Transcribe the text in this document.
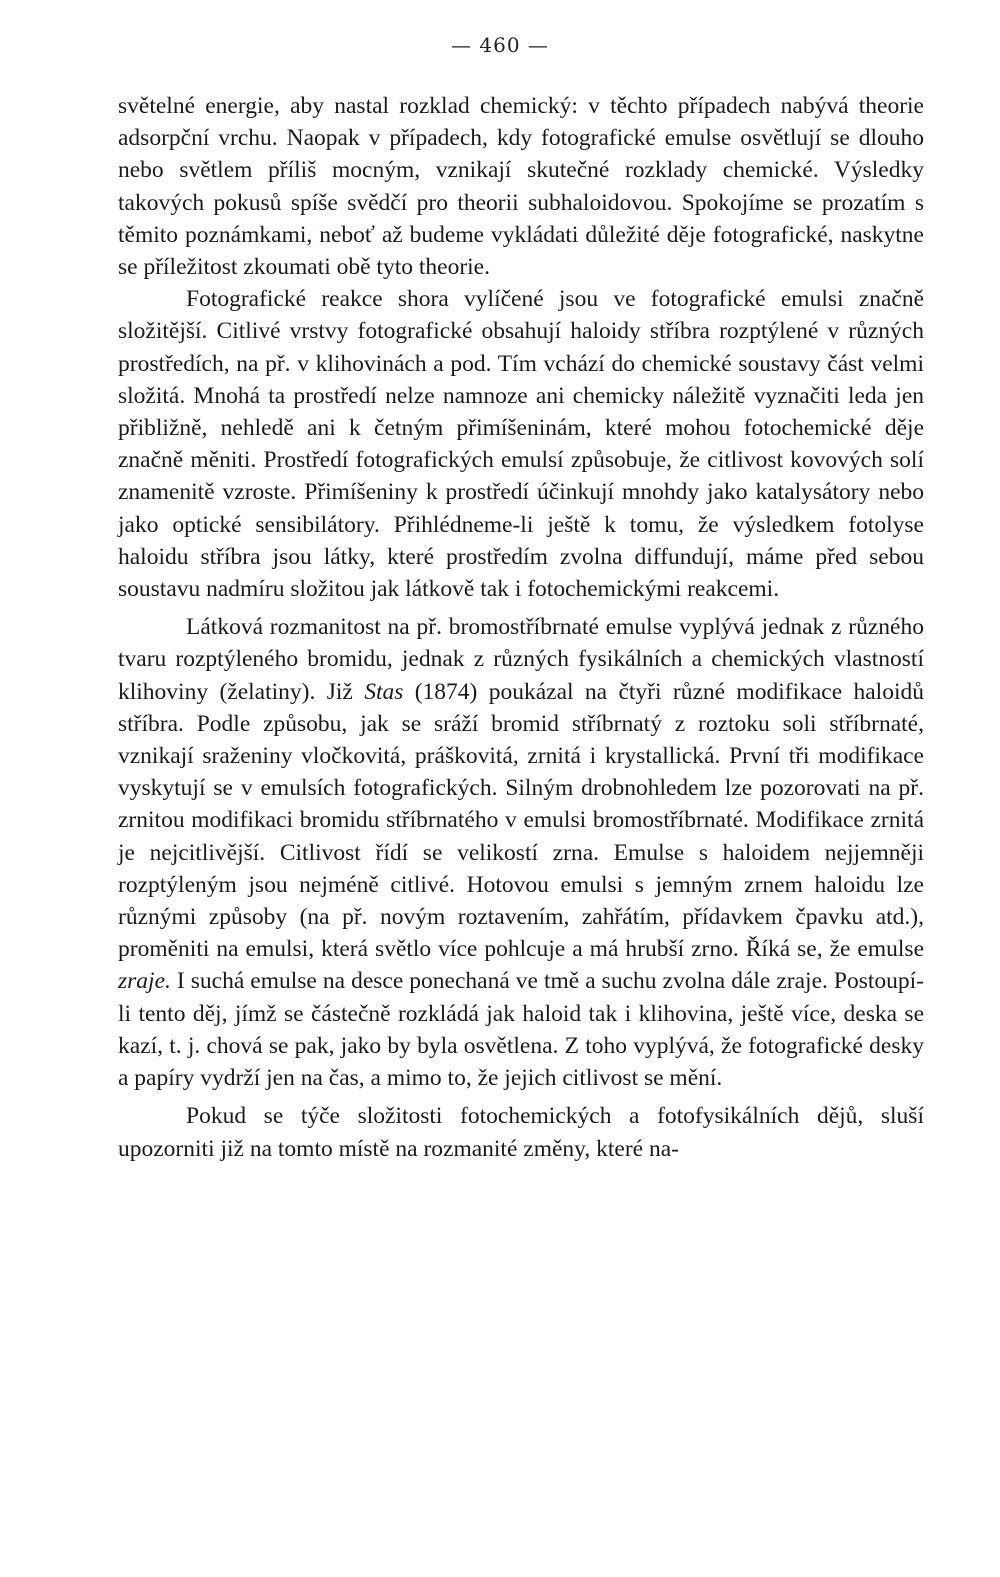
— 460 —

světelné energie, aby nastal rozklad chemický: v těchto případech nabývá theorie adsorpční vrchu. Naopak v případech, kdy fotografické emulse osvětlují se dlouho nebo světlem příliš mocným, vznikají skutečné rozklady chemické. Výsledky takových pokusů spíše svědčí pro theorii subhaloidovou. Spokojíme se prozatím s těmito poznámkami, neboť až budeme vykládati důležité děje fotografické, naskytne se příležitost zkoumati obě tyto theorie.

Fotografické reakce shora vylíčené jsou ve fotografické emulsi značně složitější. Citlivé vrstvy fotografické obsahují haloidy stříbra rozptýlené v různých prostředích, na př. v klihovinách a pod. Tím vchází do chemické soustavy část velmi složitá. Mnohá ta prostředí nelze namnoze ani chemicky náležitě vyznačiti leda jen přibližně, nehledě ani k četným přimíšeninám, které mohou fotochemické děje značně měniti. Prostředí fotografických emulsí způsobuje, že citlivost kovových solí znamenitě vzroste. Přimíšeniny k prostředí účinkují mnohdy jako katalysátory nebo jako optické sensibilátory. Přihlédneme-li ještě k tomu, že výsledkem fotolyse haloidu stříbra jsou látky, které prostředím zvolna diffundují, máme před sebou soustavu nadmíru složitou jak látkově tak i fotochemickými reakcemi.

Látková rozmanitost na př. bromostříbrnaté emulse vyplývá jednak z různého tvaru rozptýleného bromidu, jednak z různých fysikálních a chemických vlastností klihoviny (želatiny). Již Stas (1874) poukázal na čtyři různé modifikace haloidů stříbra. Podle způsobu, jak se sráží bromid stříbrnatý z roztoku soli stříbrnaté, vznikají sraženiny vločkovitá, práškovitá, zrnitá i krystallická. První tři modifikace vyskytují se v emulsích fotografických. Silným drobnohledem lze pozorovati na př. zrnitou modifikaci bromidu stříbrnatého v emulsi bromostříbrnaté. Modifikace zrnitá je nejcitlivější. Citlivost řídí se velikostí zrna. Emulse s haloidem nejjemněji rozptýleným jsou nejméně citlivé. Hotovou emulsi s jemným zrnem haloidu lze různými způsoby (na př. novým roztavením, zahřátím, přídavkem čpavku atd.), proměniti na emulsi, která světlo více pohlcuje a má hrubší zrno. Říká se, že emulse zraje. I suchá emulse na desce ponechaná ve tmě a suchu zvolna dále zraje. Postoupí-li tento děj, jímž se částečně rozkládá jak haloid tak i klihovina, ještě více, deska se kazí, t. j. chová se pak, jako by byla osvětlena. Z toho vyplývá, že fotografické desky a papíry vydrží jen na čas, a mimo to, že jejich citlivost se mění.

Pokud se týče složitosti fotochemických a fotofysikálních dějů, sluší upozorniti již na tomto místě na rozmanité změny, které na-
